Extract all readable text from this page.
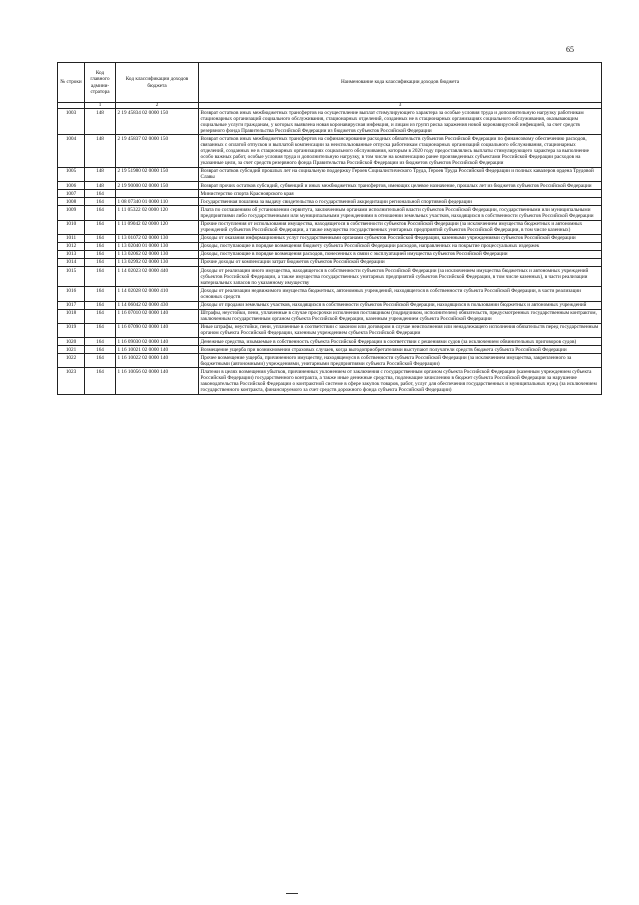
65
№ строки	Код главного админи- стратора	Код классификации доходов бюджета	Наименование кода классификации доходов бюджета
	1	2	3
1003	148	2 19 45834 02 0000 150	Возврат остатков иных межбюджетных трансфертов на осуществление выплат стимулирующего характера за особые условия труда и дополнительную нагрузку работникам стационарных организаций социального обслуживания, стационарных отделений, созданных не в стационарных организациях социального обслуживания, оказывающим социальные услуги гражданам, у которых выявлена новая коронавирусная инфекция, и лицам из групп риска заражения новой коронавирусной инфекцией, за счет средств резервного фонда Правительства Российской Федерации из бюджетов субъектов Российской Федерации
1004	148	2 19 45837 02 0000 150	Возврат остатков иных межбюджетных трансфертов на софинансирование расходных обязательств субъектов Российской Федерации по финансовому обеспечению расходов, связанных с оплатой отпусков и выплатой компенсации за неиспользованные отпуска работникам стационарных организаций социального обслуживания, стационарных отделений, созданных не в стационарных организациях социального обслуживания, которым в 2020 году предоставлялись выплаты стимулирующего характера за выполнение особо важных работ, особые условия труда и дополнительную нагрузку, в том числе на компенсацию ранее произведенных субъектами Российской Федерации расходов на указанные цели, за счет средств резервного фонда Правительства Российской Федерации из бюджетов субъектов Российской Федерации
1005	148	2 19 51980 02 0000 150	Возврат остатков субсидий прошлых лет на социальную поддержку Героев Социалистического Труда, Героев Труда Российской Федерации и полных кавалеров ордена Трудовой Славы
1006	148	2 19 90000 02 0000 150	Возврат прочих остатков субсидий, субвенций и иных межбюджетных трансфертов, имеющих целевое назначение, прошлых лет из бюджетов субъектов Российской Федерации
1007	164		Министерство спорта Красноярского края
1008	164	1 08 07340 01 0000 110	Государственная пошлина за выдачу свидетельства о государственной аккредитации региональной спортивной федерации
1009	164	1 11 05322 02 0000 120	Плата по соглашениям об установлении сервитута, заключенным органами исполнительной власти субъектов Российской Федерации, государственными или муниципальными предприятиями либо государственными или муниципальными учреждениями в отношении земельных участков, находящихся в собственности субъектов Российской Федерации
1010	164	1 11 09042 02 0000 120	Прочие поступления от использования имущества, находящегося в собственности субъектов Российской Федерации (за исключением имущества бюджетных и автономных учреждений субъектов Российской Федерации, а также имущества государственных унитарных предприятий субъектов Российской Федерации, в том числе казенных)
1011	164	1 13 01072 02 0000 130	Доходы от оказания информационных услуг государственными органами субъектов Российской Федерации, казенными учреждениями субъектов Российской Федерации
1012	164	1 13 02040 01 0000 130	Доходы, поступающие в порядке возмещения бюджету субъекта Российской Федерации расходов, направленных на покрытие процессуальных издержек
1013	164	1 13 02062 02 0000 130	Доходы, поступающие в порядке возмещения расходов, понесенных в связи с эксплуатацией имущества субъектов Российской Федерации
1014	164	1 13 02992 02 0000 130	Прочие доходы от компенсации затрат бюджетов субъектов Российской Федерации
1015	164	1 14 02023 02 0000 440	Доходы от реализации иного имущества, находящегося в собственности субъектов Российской Федерации (за исключением имущества бюджетных и автономных учреждений субъектов Российской Федерации, а также имущества государственных унитарных предприятий субъектов Российской Федерации, в том числе казенных), в части реализации материальных запасов по указанному имуществу
1016	164	1 14 02028 02 0000 410	Доходы от реализации недвижимого имущества бюджетных, автономных учреждений, находящегося в собственности субъекта Российской Федерации, в части реализации основных средств
1017	164	1 14 06042 02 0000 430	Доходы от продажи земельных участков, находящихся в собственности субъектов Российской Федерации, находящихся в пользовании бюджетных и автономных учреждений
1018	164	1 16 07010 02 0000 140	Штрафы, неустойки, пени, уплаченные в случае просрочки исполнения поставщиком (подрядчиком, исполнителем) обязательств, предусмотренных государственным контрактом, заключенным государственным органом субъекта Российской Федерации, казенным учреждением субъекта Российской Федерации
1019	164	1 16 07090 02 0000 140	Иные штрафы, неустойки, пени, уплаченные в соответствии с законом или договором в случае неисполнения или ненадлежащего исполнения обязательств перед государственным органом субъекта Российской Федерации, казенным учреждением субъекта Российской Федерации
1020	164	1 16 09030 02 0000 140	Денежные средства, изымаемые в собственность субъекта Российской Федерации в соответствии с решениями судов (за исключением обвинительных приговоров судов)
1021	164	1 16 10021 02 0000 140	Возмещение ущерба при возникновении страховых случаев, когда выгодоприобретателями выступают получатели средств бюджета субъекта Российской Федерации
1022	164	1 16 10022 02 0000 140	Прочее возмещение ущерба, причиненного имуществу, находящемуся в собственности субъекта Российской Федерации (за исключением имущества, закрепленного за бюджетными (автономными) учреждениями, унитарными предприятиями субъекта Российской Федерации)
1023	164	1 16 10056 02 0000 140	Платежи в целях возмещения убытков, причиненных уклонением от заключения с государственным органом субъекта Российской Федерации (казенным учреждением субъекта Российской Федерации) государственного контракта, а также иные денежные средства, подлежащие зачислению в бюджет субъекта Российской Федерации за нарушение законодательства Российской Федерации о контрактной системе в сфере закупок товаров, работ, услуг для обеспечения государственных и муниципальных нужд (за исключением государственного контракта, финансируемого за счет средств дорожного фонда субъекта Российской Федерации)
